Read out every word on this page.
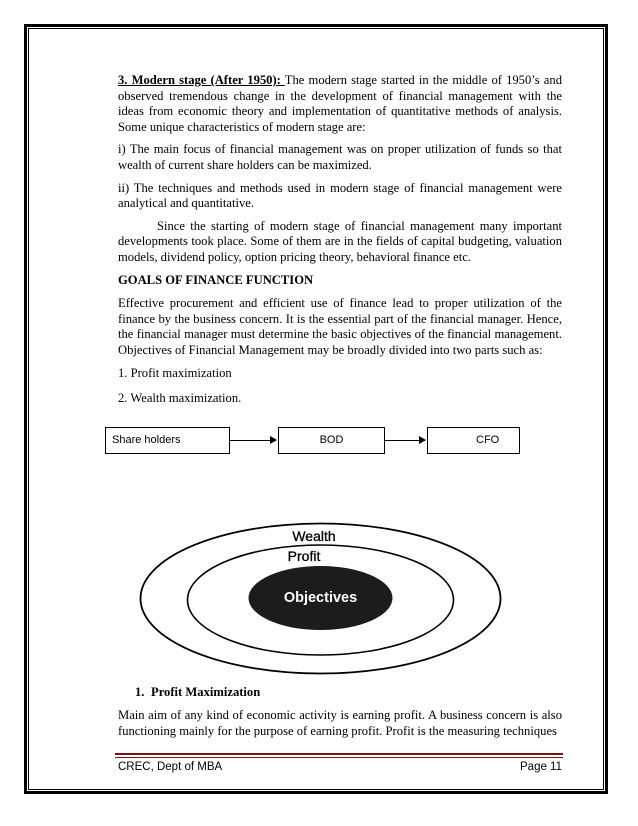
3. Modern stage (After 1950): The modern stage started in the middle of 1950’s and observed tremendous change in the development of financial management with the ideas from economic theory and implementation of quantitative methods of analysis. Some unique characteristics of modern stage are:

i) The main focus of financial management was on proper utilization of funds so that wealth of current share holders can be maximized.

ii) The techniques and methods used in modern stage of financial management were analytical and quantitative.

Since the starting of modern stage of financial management many important developments took place. Some of them are in the fields of capital budgeting, valuation models, dividend policy, option pricing theory, behavioral finance etc.

GOALS OF FINANCE FUNCTION

Effective procurement and efficient use of finance lead to proper utilization of the finance by the business concern. It is the essential part of the financial manager. Hence, the financial manager must determine the basic objectives of the financial management. Objectives of Financial Management may be broadly divided into two parts such as:

1. Profit maximization

2. Wealth maximization.

Share holders	BOD	CFO
Wealth
Profit
Objectives
1. Profit Maximization

Main aim of any kind of economic activity is earning profit. A business concern is also functioning mainly for the purpose of earning profit. Profit is the measuring techniques

CREC, Dept of MBA	Page 11
